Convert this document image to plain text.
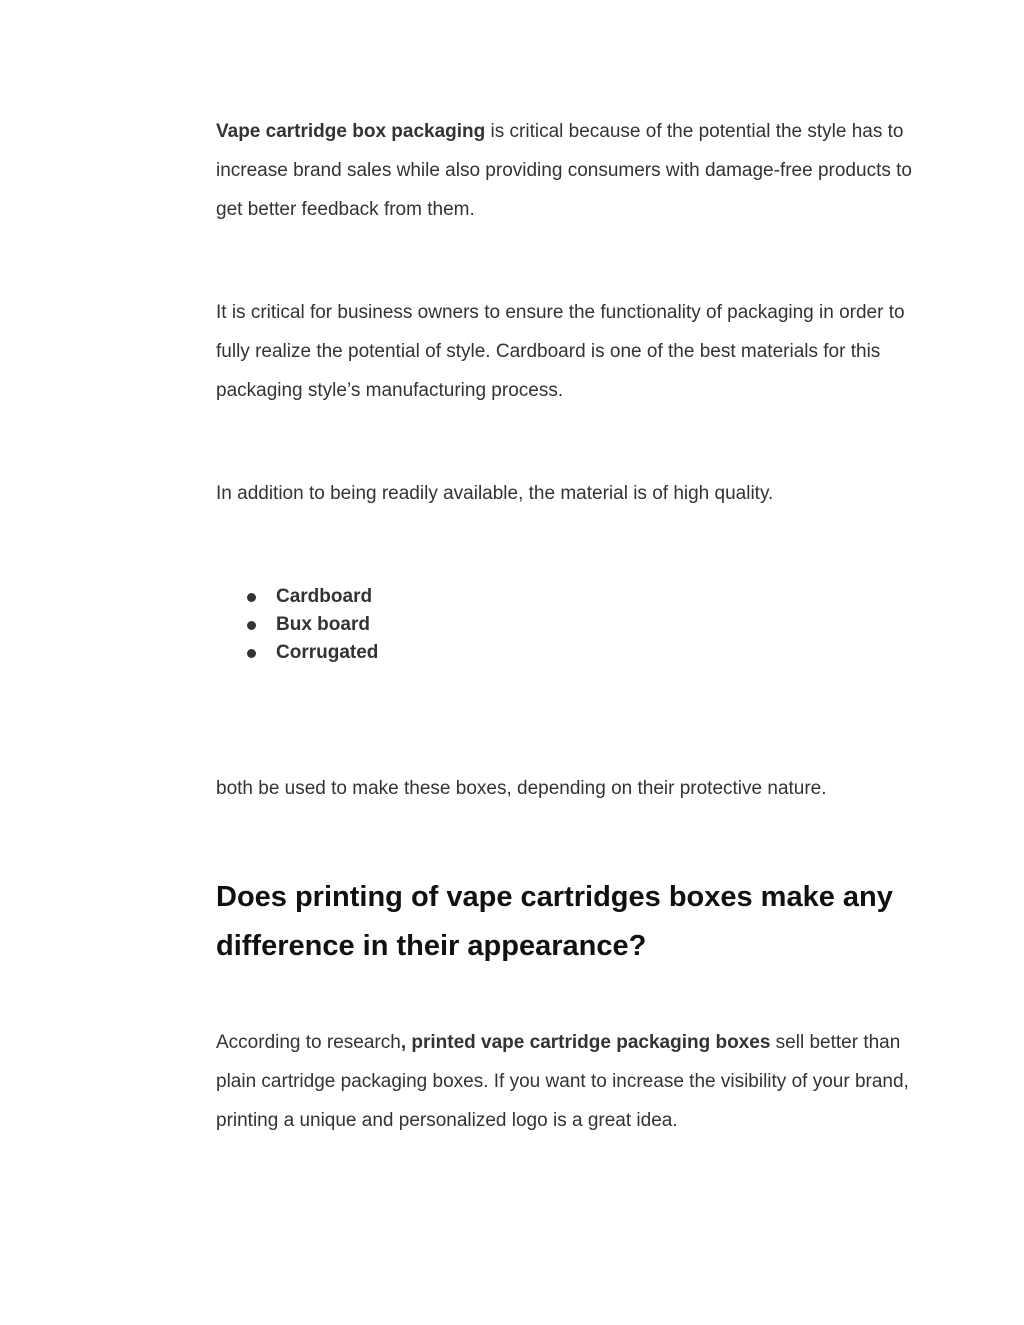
Vape cartridge box packaging is critical because of the potential the style has to increase brand sales while also providing consumers with damage-free products to get better feedback from them.

It is critical for business owners to ensure the functionality of packaging in order to fully realize the potential of style. Cardboard is one of the best materials for this packaging style’s manufacturing process.

In addition to being readily available, the material is of high quality.

Cardboard
Bux board
Corrugated

both be used to make these boxes, depending on their protective nature.

Does printing of vape cartridges boxes make any difference in their appearance?

According to research, printed vape cartridge packaging boxes sell better than plain cartridge packaging boxes. If you want to increase the visibility of your brand, printing a unique and personalized logo is a great idea.
